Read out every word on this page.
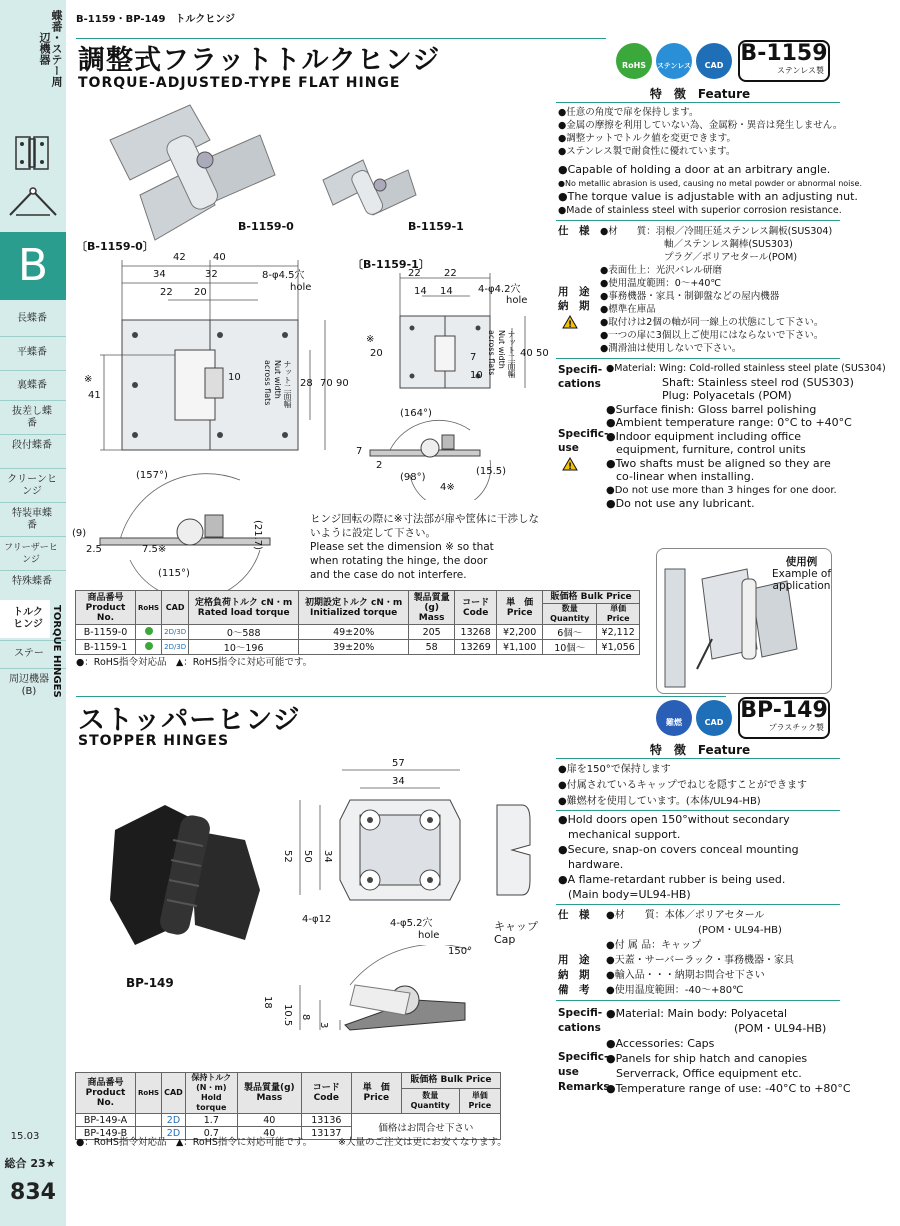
蝶番・ステー周辺機器
B
長蝶番
平蝶番
裏蝶番
抜差し蝶番
段付蝶番
クリーンヒンジ
特装車蝶番
フリーザーヒンジ
特殊蝶番
トルクヒンジ
ステー
周辺機器(B)	TORQUE HINGES
15.03
総合 23★
834
B-1159・BP-149　トルクヒンジ
調整式フラットトルクヒンジ
TORQUE-ADJUSTED-TYPE FLAT HINGE
RoHS	ステンレス	CAD B-1159
ステンレス製
特　徴　Feature
●任意の角度で扉を保持します。
●金属の摩擦を利用していない為、金属粉・異音は発生しません。
●調整ナットでトルク値を変更できます。
●ステンレス製で耐食性に優れています。
●Capable of holding a door at an arbitrary angle.
●No metallic abrasion is used, causing no metal powder or abnormal noise.
●The torque value is adjustable with an adjusting nut.
●Made of stainless steel with superior corrosion resistance.
仕　様
用　途
納　期
!
●材　　質：羽根／冷間圧延ステンレス鋼板(SUS304)
軸／ステンレス鋼棒(SUS303)
プラグ／ポリアセタール(POM)
●表面仕上：光沢バレル研磨
●使用温度範囲：0～+40℃
●事務機器・家具・制御盤などの屋内機器
●標準在庫品
●取付けは2個の軸が同一線上の状態にして下さい。
●一つの扉に3個以上ご使用にはならないで下さい。
●潤滑油は使用しないで下さい。
Specifi-cations
Specific-use
!
●Material: Wing: Cold-rolled stainless steel plate (SUS304)
Shaft: Stainless steel rod (SUS303)
Plug: Polyacetals (POM)
●Surface finish: Gloss barrel polishing
●Ambient temperature range: 0°C to +40°C
●Indoor equipment including office
equipment, furniture, control units
●Two shafts must be aligned so they are
co-linear when installing.
●Do not use more than 3 hinges for one door.
●Do not use any lubricant.
B-1159-0	B-1159-1
〔B-1159-0〕
42	40
34	32
22 20
8-φ4.5穴
hole
10
28 70 90
41
※	ナット二面幅
Nut width
across flats
〔B-1159-1〕
22 22
14 14	4-φ4.2穴
hole
20
※
7
10
40 50
ナット二面幅
Nut width
across flats
(164°)
7
2
(98°)
4※
(15.5)
(157°)
(9)
2.5	7.5※
(115°)
(21.7)
ヒンジ回転の際に※寸法部が扉や筐体に干渉しないように設定して下さい。
Please set the dimension ※ so that
when rotating the hinge, the door
and the case do not interfere.
使用例
Example of
application
商品番号
Product No.	RoHS	CAD	定格負荷トルク cN・m
Rated load torque	初期設定トルク cN・m
Initialized torque	製品質量(g)
Mass	コード
Code	単　価
Price	販価格 Bulk Price	
								数量 Quantity	単価 Price
B-1159-0		2D/3D	0～588	49±20%	205	13268	¥2,200	6個～	¥2,112
B-1159-1		2D/3D	10～196	39±20%	58	13269	¥1,100	10個～	¥1,056
●：RoHS指令対応品　▲：RoHS指令に対応可能です。
ストッパーヒンジ
STOPPER HINGES
難燃	CAD BP-149
プラスチック製
特　徴　Feature
●扉を150°で保持します
●付属されているキャップでねじを隠すことができます
●難燃材を使用しています。(本体/UL94-HB)
●Hold doors open 150°without secondary
mechanical support.
●Secure, snap-on covers conceal mounting
hardware.
●A flame-retardant rubber is being used.
(Main body=UL94-HB)
仕　様

用　途
納　期
備　考
●材　　質：本体／ポリアセタール
(POM・UL94-HB)
●付 属 品：キャップ
●天蓋・サーバーラック・事務機器・家具
●輸入品・・・納期お問合せ下さい
●使用温度範囲：-40～+80℃
Specifi-cations
Specific-use
Remarks
●Material: Main body: Polyacetal
(POM・UL94-HB)
●Accessories: Caps
●Panels for ship hatch and canopies
Serverrack, Office equipment etc.
●Temperature range of use: -40°C to +80°C
BP-149
57
34
52 50 34
4-φ12	4-φ5.2穴
hole
キャップ
Cap
150°
18
10.5 8
3
商品番号
Product No.	RoHS	CAD	保持トルク(N・m)
Hold torque	製品質量(g)
Mass	コード
Code	単　価
Price	販価格 Bulk Price	
							数量 Quantity	単価 Price
BP-149-A		2D	1.7	40	13136	価格はお問合せ下さい		
BP-149-B		2D	0.7	40	13137			
●：RoHS指令対応品　▲：RoHS指令に対応可能です。	※大量のご注文は更にお安くなります。
